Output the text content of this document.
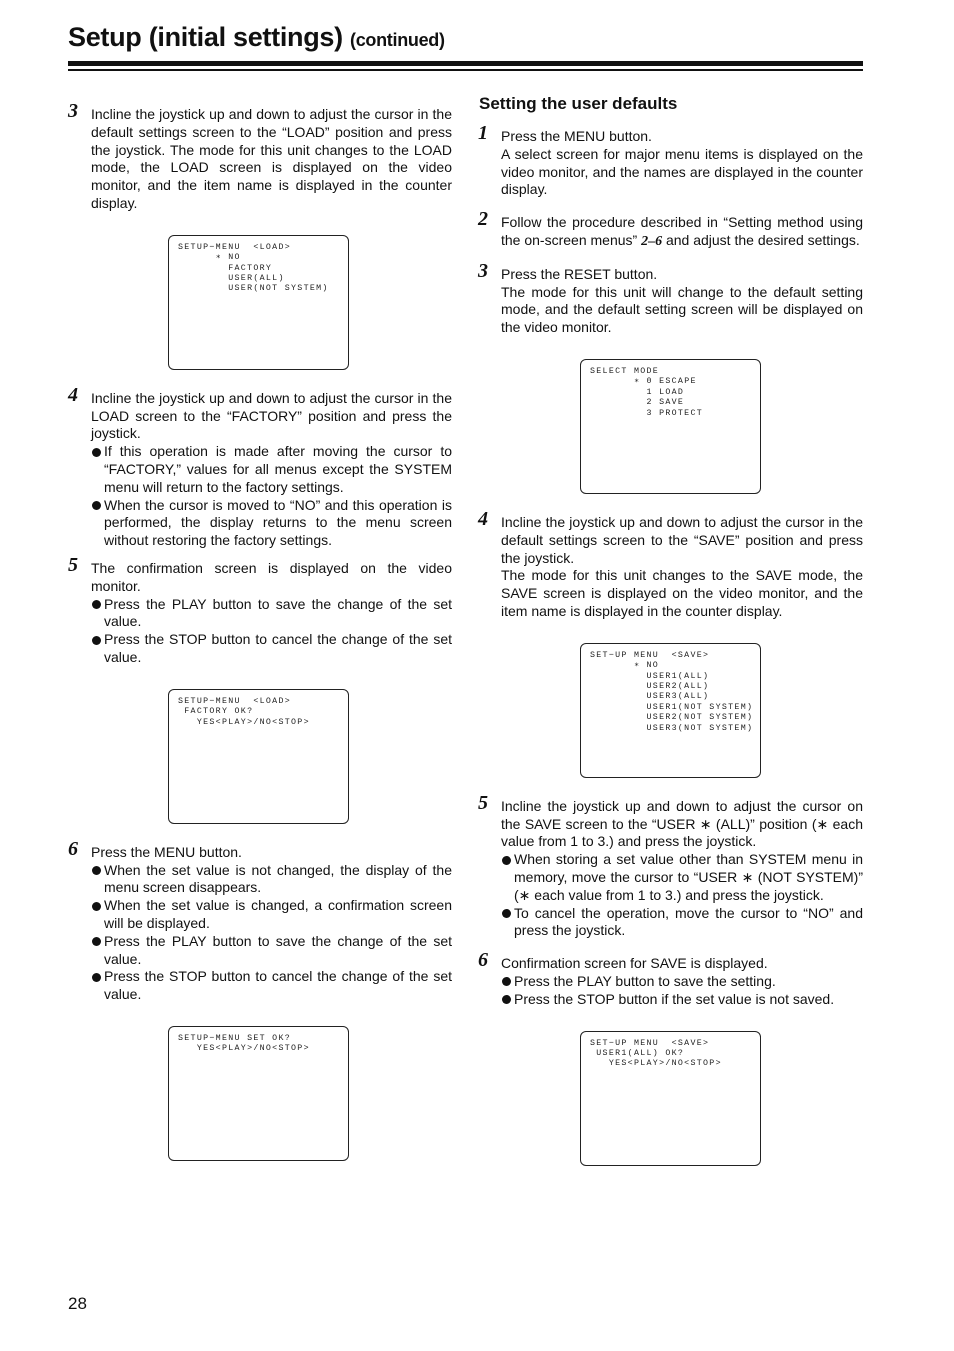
Setup (initial settings) (continued)
3 Incline the joystick up and down to adjust the cursor in the default settings screen to the “LOAD” position and press the joystick. The mode for this unit changes to the LOAD mode, the LOAD screen is displayed on the video monitor, and the item name is displayed in the counter display.

SETUP−MENU  <LOAD>
∗ NO
FACTORY
USER(ALL)
USER(NOT SYSTEM)
4 Incline the joystick up and down to adjust the cursor in the LOAD screen to the “FACTORY” position and press the joystick.

If this operation is made after moving the cursor to “FACTORY,” values for all menus except the SYSTEM menu will return to the factory settings.
When the cursor is moved to “NO” and this operation is performed, the display returns to the menu screen without restoring the factory settings.
5 The confirmation screen is displayed on the video monitor.

Press the PLAY button to save the change of the set value.
Press the STOP button to cancel the change of the set value.
SETUP−MENU  <LOAD>
FACTORY OK?
YES<PLAY>/NO<STOP>
6 Press the MENU button.

When the set value is not changed, the display of the menu screen disappears.
When the set value is changed, a confirmation screen will be displayed.
Press the PLAY button to save the change of the set value.
Press the STOP button to cancel the change of the set value.
SETUP−MENU SET OK?
YES<PLAY>/NO<STOP>
Setting the user defaults
1 Press the MENU button.

A select screen for major menu items is displayed on the video monitor, and the names are displayed in the counter display.

2 Follow the procedure described in “Setting method using the on-screen menus” 2–6 and adjust the desired settings.

3 Press the RESET button.

The mode for this unit will change to the default setting mode, and the default setting screen will be displayed on the video monitor.

SELECT MODE
∗ 0 ESCAPE
1 LOAD
2 SAVE
3 PROTECT
4 Incline the joystick up and down to adjust the cursor in the default settings screen to the “SAVE” position and press the joystick.

The mode for this unit changes to the SAVE mode, the SAVE screen is displayed on the video monitor, and the item name is displayed in the counter display.

SET−UP MENU  <SAVE>
∗ NO
USER1(ALL)
USER2(ALL)
USER3(ALL)
USER1(NOT SYSTEM)
USER2(NOT SYSTEM)
USER3(NOT SYSTEM)
5 Incline the joystick up and down to adjust the cursor on the SAVE screen to the “USER ∗ (ALL)” position (∗ each value from 1 to 3.) and press the joystick.

When storing a set value other than SYSTEM menu in memory, move the cursor to “USER ∗ (NOT SYSTEM)” (∗ each value from 1 to 3.) and press the joystick.
To cancel the operation, move the cursor to “NO” and press the joystick.
6 Confirmation screen for SAVE is displayed.

Press the PLAY button to save the setting.
Press the STOP button if the set value is not saved.
SET−UP MENU  <SAVE>
USER1(ALL) OK?
YES<PLAY>/NO<STOP>
28
